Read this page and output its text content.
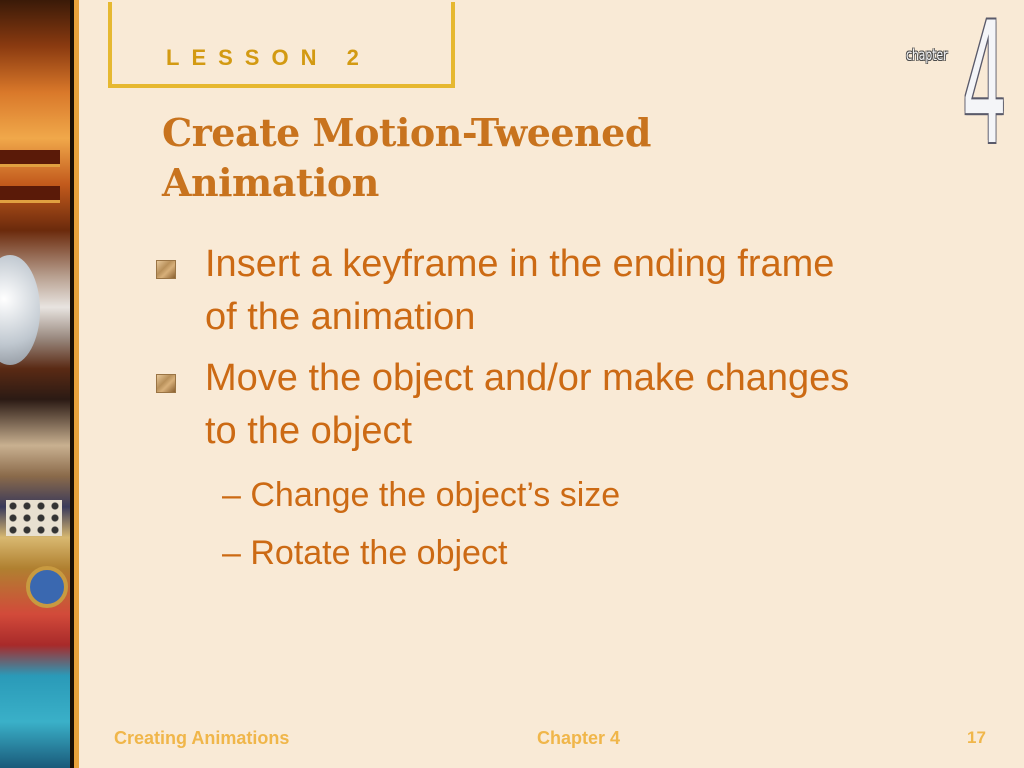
LESSON 2	chapter 4
Create Motion-Tweened Animation
Insert a keyframe in the ending frame of the animation
Move the object and/or make changes to the object
– Change the object’s size
– Rotate the object
Creating Animations	Chapter 4	17
